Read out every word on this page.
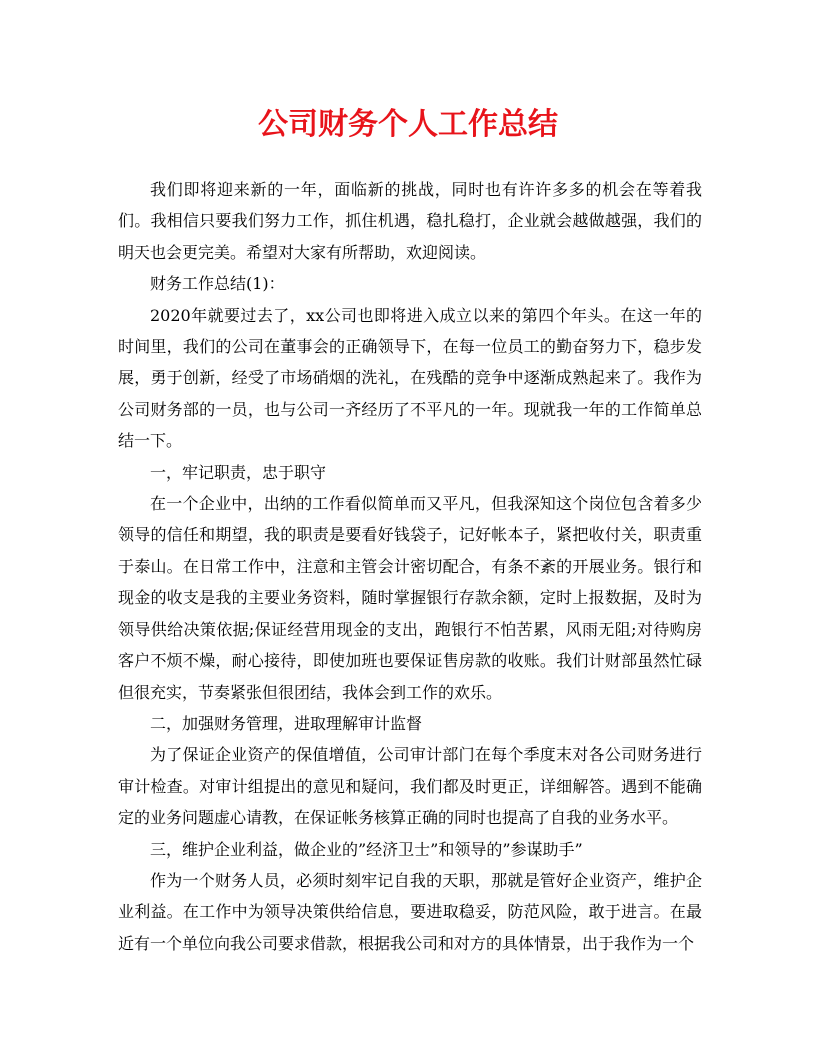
公司财务个人工作总结

我们即将迎来新的一年，面临新的挑战，同时也有许许多多的机会在等着我们。我相信只要我们努力工作，抓住机遇，稳扎稳打，企业就会越做越强，我们的明天也会更完美。希望对大家有所帮助，欢迎阅读。

财务工作总结(1)：

2020年就要过去了，xx公司也即将进入成立以来的第四个年头。在这一年的时间里，我们的公司在董事会的正确领导下，在每一位员工的勤奋努力下，稳步发展，勇于创新，经受了市场硝烟的洗礼，在残酷的竞争中逐渐成熟起来了。我作为公司财务部的一员，也与公司一齐经历了不平凡的一年。现就我一年的工作简单总结一下。

一，牢记职责，忠于职守

在一个企业中，出纳的工作看似简单而又平凡，但我深知这个岗位包含着多少领导的信任和期望，我的职责是要看好钱袋子，记好帐本子，紧把收付关，职责重于泰山。在日常工作中，注意和主管会计密切配合，有条不紊的开展业务。银行和现金的收支是我的主要业务资料，随时掌握银行存款余额，定时上报数据，及时为领导供给决策依据;保证经营用现金的支出，跑银行不怕苦累，风雨无阻;对待购房客户不烦不燥，耐心接待，即使加班也要保证售房款的收账。我们计财部虽然忙碌但很充实，节奏紧张但很团结，我体会到工作的欢乐。

二，加强财务管理，进取理解审计监督

为了保证企业资产的保值增值，公司审计部门在每个季度末对各公司财务进行审计检查。对审计组提出的意见和疑问，我们都及时更正，详细解答。遇到不能确定的业务问题虚心请教，在保证帐务核算正确的同时也提高了自我的业务水平。

三，维护企业利益，做企业的”经济卫士”和领导的”参谋助手”

作为一个财务人员，必须时刻牢记自我的天职，那就是管好企业资产，维护企业利益。在工作中为领导决策供给信息，要进取稳妥，防范风险，敢于进言。在最近有一个单位向我公司要求借款，根据我公司和对方的具体情景，出于我作为一个
